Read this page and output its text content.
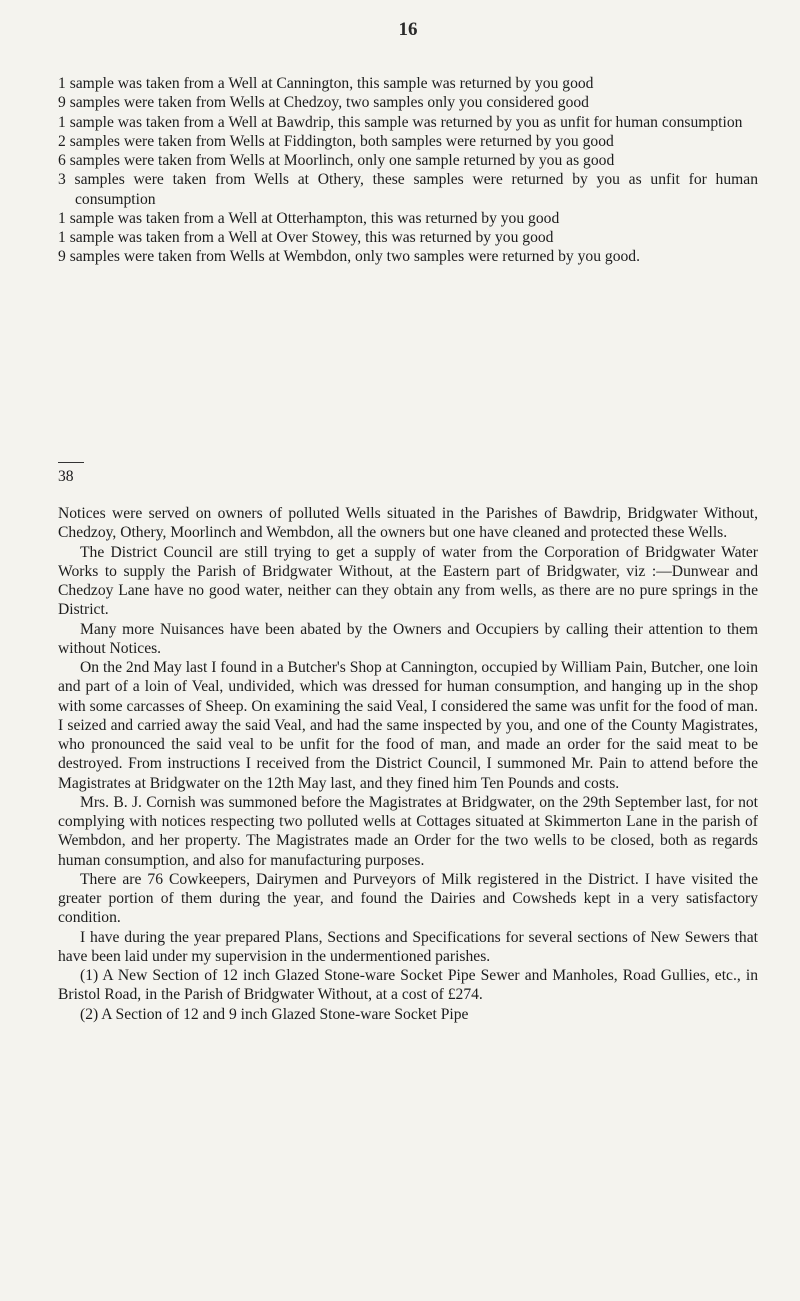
16

1 sample was taken from a Well at Cannington, this sample was returned by you good

9 samples were taken from Wells at Chedzoy, two samples only you considered good

1 sample was taken from a Well at Bawdrip, this sample was returned by you as unfit for human consumption

2 samples were taken from Wells at Fiddington, both samples were returned by you good

6 samples were taken from Wells at Moorlinch, only one sample returned by you as good

3 samples were taken from Wells at Othery, these samples were returned by you as unfit for human consumption

1 sample was taken from a Well at Otterhampton, this was returned by you good

1 sample was taken from a Well at Over Stowey, this was returned by you good

9 samples were taken from Wells at Wembdon, only two samples were returned by you good.

38

Notices were served on owners of polluted Wells situated in the Parishes of Bawdrip, Bridgwater Without, Chedzoy, Othery, Moorlinch and Wembdon, all the owners but one have cleaned and protected these Wells.

The District Council are still trying to get a supply of water from the Corporation of Bridgwater Water Works to supply the Parish of Bridgwater Without, at the Eastern part of Bridgwater, viz :—Dunwear and Chedzoy Lane have no good water, neither can they obtain any from wells, as there are no pure springs in the District.

Many more Nuisances have been abated by the Owners and Occupiers by calling their attention to them without Notices.

On the 2nd May last I found in a Butcher's Shop at Cannington, occupied by William Pain, Butcher, one loin and part of a loin of Veal, undivided, which was dressed for human consumption, and hanging up in the shop with some carcasses of Sheep. On examining the said Veal, I considered the same was unfit for the food of man. I seized and carried away the said Veal, and had the same inspected by you, and one of the County Magistrates, who pronounced the said veal to be unfit for the food of man, and made an order for the said meat to be destroyed. From instructions I received from the District Council, I summoned Mr. Pain to attend before the Magistrates at Bridgwater on the 12th May last, and they fined him Ten Pounds and costs.

Mrs. B. J. Cornish was summoned before the Magistrates at Bridgwater, on the 29th September last, for not complying with notices respecting two polluted wells at Cottages situated at Skimmerton Lane in the parish of Wembdon, and her property. The Magistrates made an Order for the two wells to be closed, both as regards human consumption, and also for manufacturing purposes.

There are 76 Cowkeepers, Dairymen and Purveyors of Milk registered in the District. I have visited the greater portion of them during the year, and found the Dairies and Cowsheds kept in a very satisfactory condition.

I have during the year prepared Plans, Sections and Specifications for several sections of New Sewers that have been laid under my supervision in the undermentioned parishes.

(1) A New Section of 12 inch Glazed Stone-ware Socket Pipe Sewer and Manholes, Road Gullies, etc., in Bristol Road, in the Parish of Bridgwater Without, at a cost of £274.

(2) A Section of 12 and 9 inch Glazed Stone-ware Socket Pipe
